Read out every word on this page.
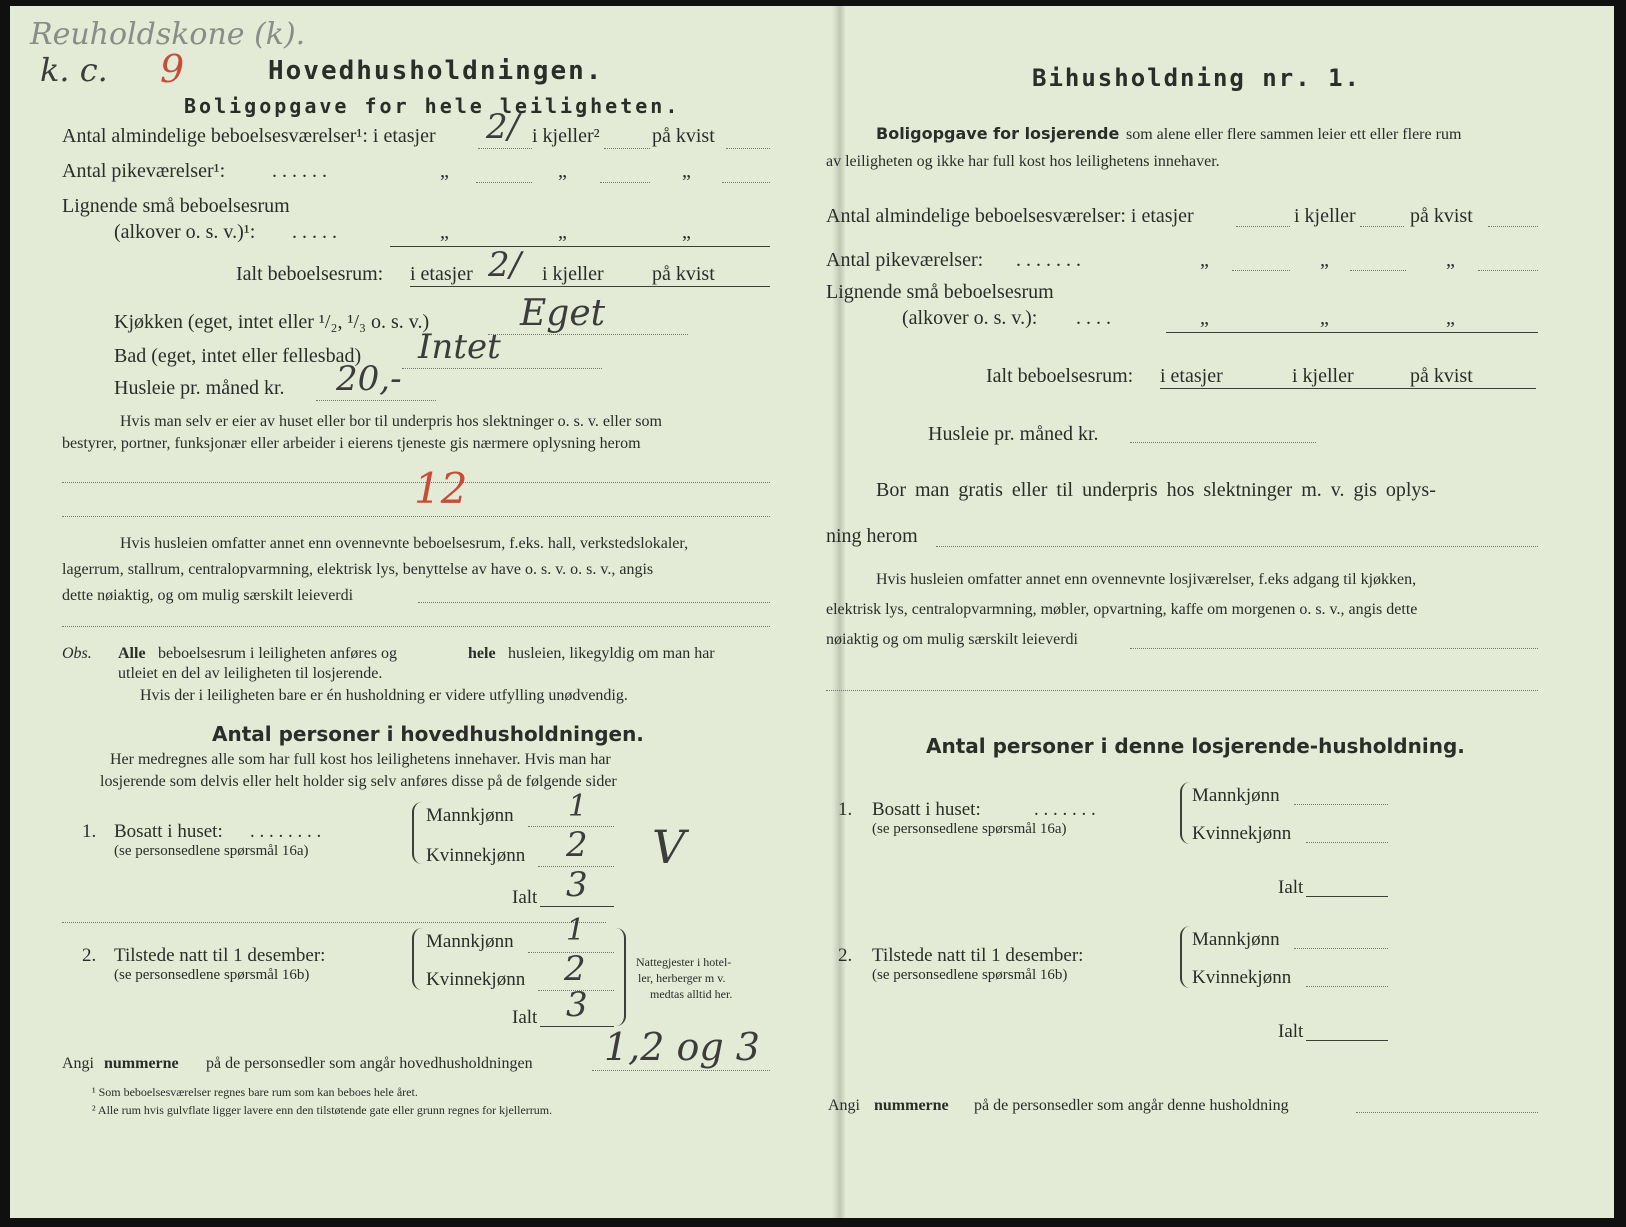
Reuholdskone (k).
k. c. 9	Hovedhusholdningen.
Boligopgave for hele leiligheten.
Antal almindelige beboelsesværelser¹: i etasjer 2/ i kjeller²	på kvist
Antal pikeværelser¹: . . . . . .	„	„	„
Lignende små beboelsesrum
(alkover o. s. v.)¹: . . . . .	„	„	„
Ialt beboelsesrum: i etasjer 2/ i kjeller på kvist
Kjøkken (eget, intet eller ¹/₂, ¹/₃ o. s. v.)	Eget
Bad (eget, intet eller fellesbad) Intet
Husleie pr. måned kr. 20,-
Hvis man selv er eier av huset eller bor til underpris hos slektninger o. s. v. eller som
bestyrer, portner, funksjonær eller arbeider i eierens tjeneste gis nærmere oplysning herom
12
Hvis husleien omfatter annet enn ovennevnte beboelsesrum, f.eks. hall, verkstedslokaler,
lagerrum, stallrum, centralopvarmning, elektrisk lys, benyttelse av have o. s. v. o. s. v., angis
dette nøiaktig, og om mulig særskilt leieverdi
Obs. Alle beboelsesrum i leiligheten anføres og	hele husleien, likegyldig om man har
utleiet en del av leiligheten til losjerende.
Hvis der i leiligheten bare er én husholdning er videre utfylling unødvendig.
Antal personer i hovedhusholdningen.
Her medregnes alle som har full kost hos leilighetens innehaver. Hvis man har
losjerende som delvis eller helt holder sig selv anføres disse på de følgende sider
1. Bosatt i huset: . . . . . . . .
(se personsedlene spørsmål 16a)
Mannkjønn 1
Kvinnekjønn 2 V
Ialt 3
2. Tilstede natt til 1 desember:
(se personsedlene spørsmål 16b)
Mannkjønn 1
Kvinnekjønn 2	Nattegjester i hotel-
ler, herberger m v.
medtas alltid her.
Ialt 3
Angi nummerne på de personsedler som angår hovedhusholdningen 1,2 og 3
¹ Som beboelsesværelser regnes bare rum som kan beboes hele året.
² Alle rum hvis gulvflate ligger lavere enn den tilstøtende gate eller grunn regnes for kjellerrum.
Bihusholdning nr. 1.
Boligopgave for losjerende som alene eller flere sammen leier ett eller flere rum
av leiligheten og ikke har full kost hos leilighetens innehaver.
Antal almindelige beboelsesværelser: i etasjer	i kjeller	på kvist
Antal pikeværelser: . . . . . . .	„	„	„
Lignende små beboelsesrum
(alkover o. s. v.): . . . .	„	„	„
Ialt beboelsesrum: i etasjer	i kjeller	på kvist
Husleie pr. måned kr.
Bor man gratis eller til underpris hos slektninger m. v. gis oplys-
ning herom
Hvis husleien omfatter annet enn ovennevnte losjiværelser, f.eks adgang til kjøkken,
elektrisk lys, centralopvarmning, møbler, opvartning, kaffe om morgenen o. s. v., angis dette
nøiaktig og om mulig særskilt leieverdi
Antal personer i denne losjerende-husholdning.
1. Bosatt i huset:	. . . . . . .
(se personsedlene spørsmål 16a)
Mannkjønn
Kvinnekjønn
Ialt
2. Tilstede natt til 1 desember:
(se personsedlene spørsmål 16b)
Mannkjønn
Kvinnekjønn
Ialt
Angi nummerne på de personsedler som angår denne husholdning
